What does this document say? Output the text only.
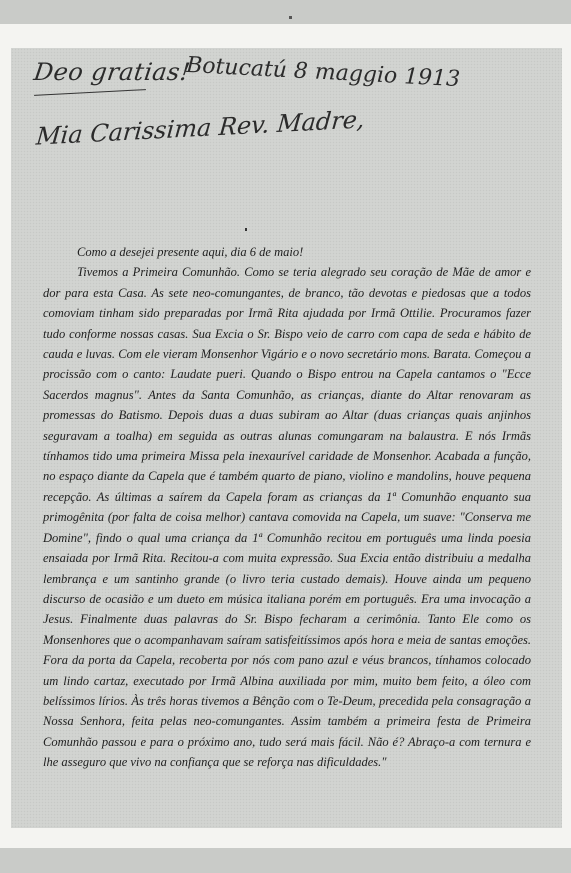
Deo gratias!
Botucatú 8 maggio 1913
Mia Carissima Rev. Madre,

Como a desejei presente aqui, dia 6 de maio!

Tivemos a Primeira Comunhão. Como se teria alegrado seu coração de Mãe de amor e dor para esta Casa. As sete neo-comungantes, de branco, tão devotas e piedosas que a todos comoviam tinham sido preparadas por Irmã Rita ajudada por Irmã Ottilie. Procuramos fazer tudo conforme nossas casas. Sua Excia o Sr. Bispo veio de carro com capa de seda e hábito de cauda e luvas. Com ele vieram Monsenhor Vigário e o novo secretário mons. Barata. Começou a procissão com o canto: Laudate pueri. Quando o Bispo entrou na Capela cantamos o "Ecce Sacerdos magnus". Antes da Santa Comunhão, as crianças, diante do Altar renovaram as promessas do Batismo. Depois duas a duas subiram ao Altar (duas crianças quais anjinhos seguravam a toalha) em seguida as outras alunas comungaram na balaustra. E nós Irmãs tínhamos tido uma primeira Missa pela inexaurível caridade de Monsenhor. Acabada a função, no espaço diante da Capela que é também quarto de piano, violino e mandolins, houve pequena recepção. As últimas a saírem da Capela foram as crianças da 1ª Comunhão enquanto sua primogênita (por falta de coisa melhor) cantava comovida na Capela, um suave: "Conserva me Domine", findo o qual uma criança da 1ª Comunhão recitou em português uma linda poesia ensaiada por Irmã Rita. Recitou-a com muita expressão. Sua Excia então distribuiu a medalha lembrança e um santinho grande (o livro teria custado demais). Houve ainda um pequeno discurso de ocasião e um dueto em música italiana porém em português. Era uma invocação a Jesus. Finalmente duas palavras do Sr. Bispo fecharam a cerimônia. Tanto Ele como os Monsenhores que o acompanhavam saíram satisfeitíssimos após hora e meia de santas emoções. Fora da porta da Capela, recoberta por nós com pano azul e véus brancos, tínhamos colocado um lindo cartaz, executado por Irmã Albina auxiliada por mim, muito bem feito, a óleo com belíssimos lírios. Às três horas tivemos a Bênção com o Te-Deum, precedida pela consagração a Nossa Senhora, feita pelas neo-comungantes. Assim também a primeira festa de Primeira Comunhão passou e para o próximo ano, tudo será mais fácil. Não é? Abraço-a com ternura e lhe asseguro que vivo na confiança que se reforça nas dificuldades."
